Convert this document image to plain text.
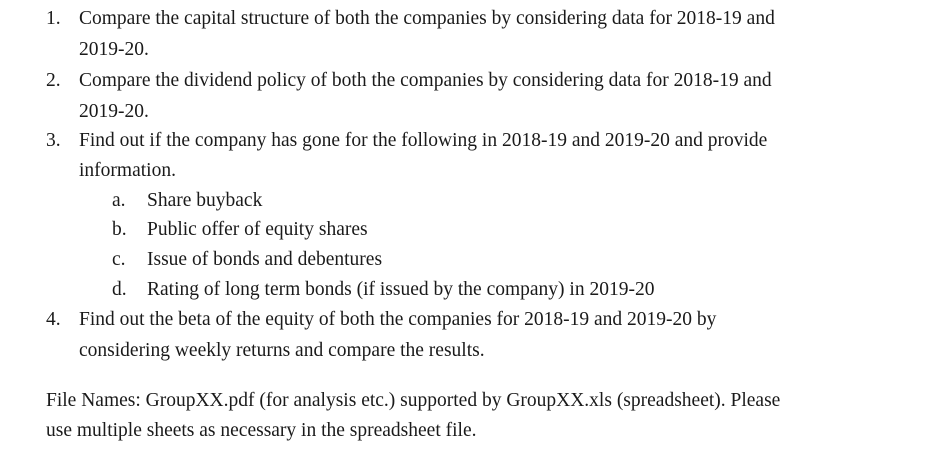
1. Compare the capital structure of both the companies by considering data for 2018-19 and
2019-20.
2. Compare the dividend policy of both the companies by considering data for 2018-19 and
2019-20.
3. Find out if the company has gone for the following in 2018-19 and 2019-20 and provide
information.
a. Share buyback
b. Public offer of equity shares
c. Issue of bonds and debentures
d. Rating of long term bonds (if issued by the company) in 2019-20
4. Find out the beta of the equity of both the companies for 2018-19 and 2019-20 by
considering weekly returns and compare the results.
File Names: GroupXX.pdf (for analysis etc.) supported by GroupXX.xls (spreadsheet). Please
use multiple sheets as necessary in the spreadsheet file.
